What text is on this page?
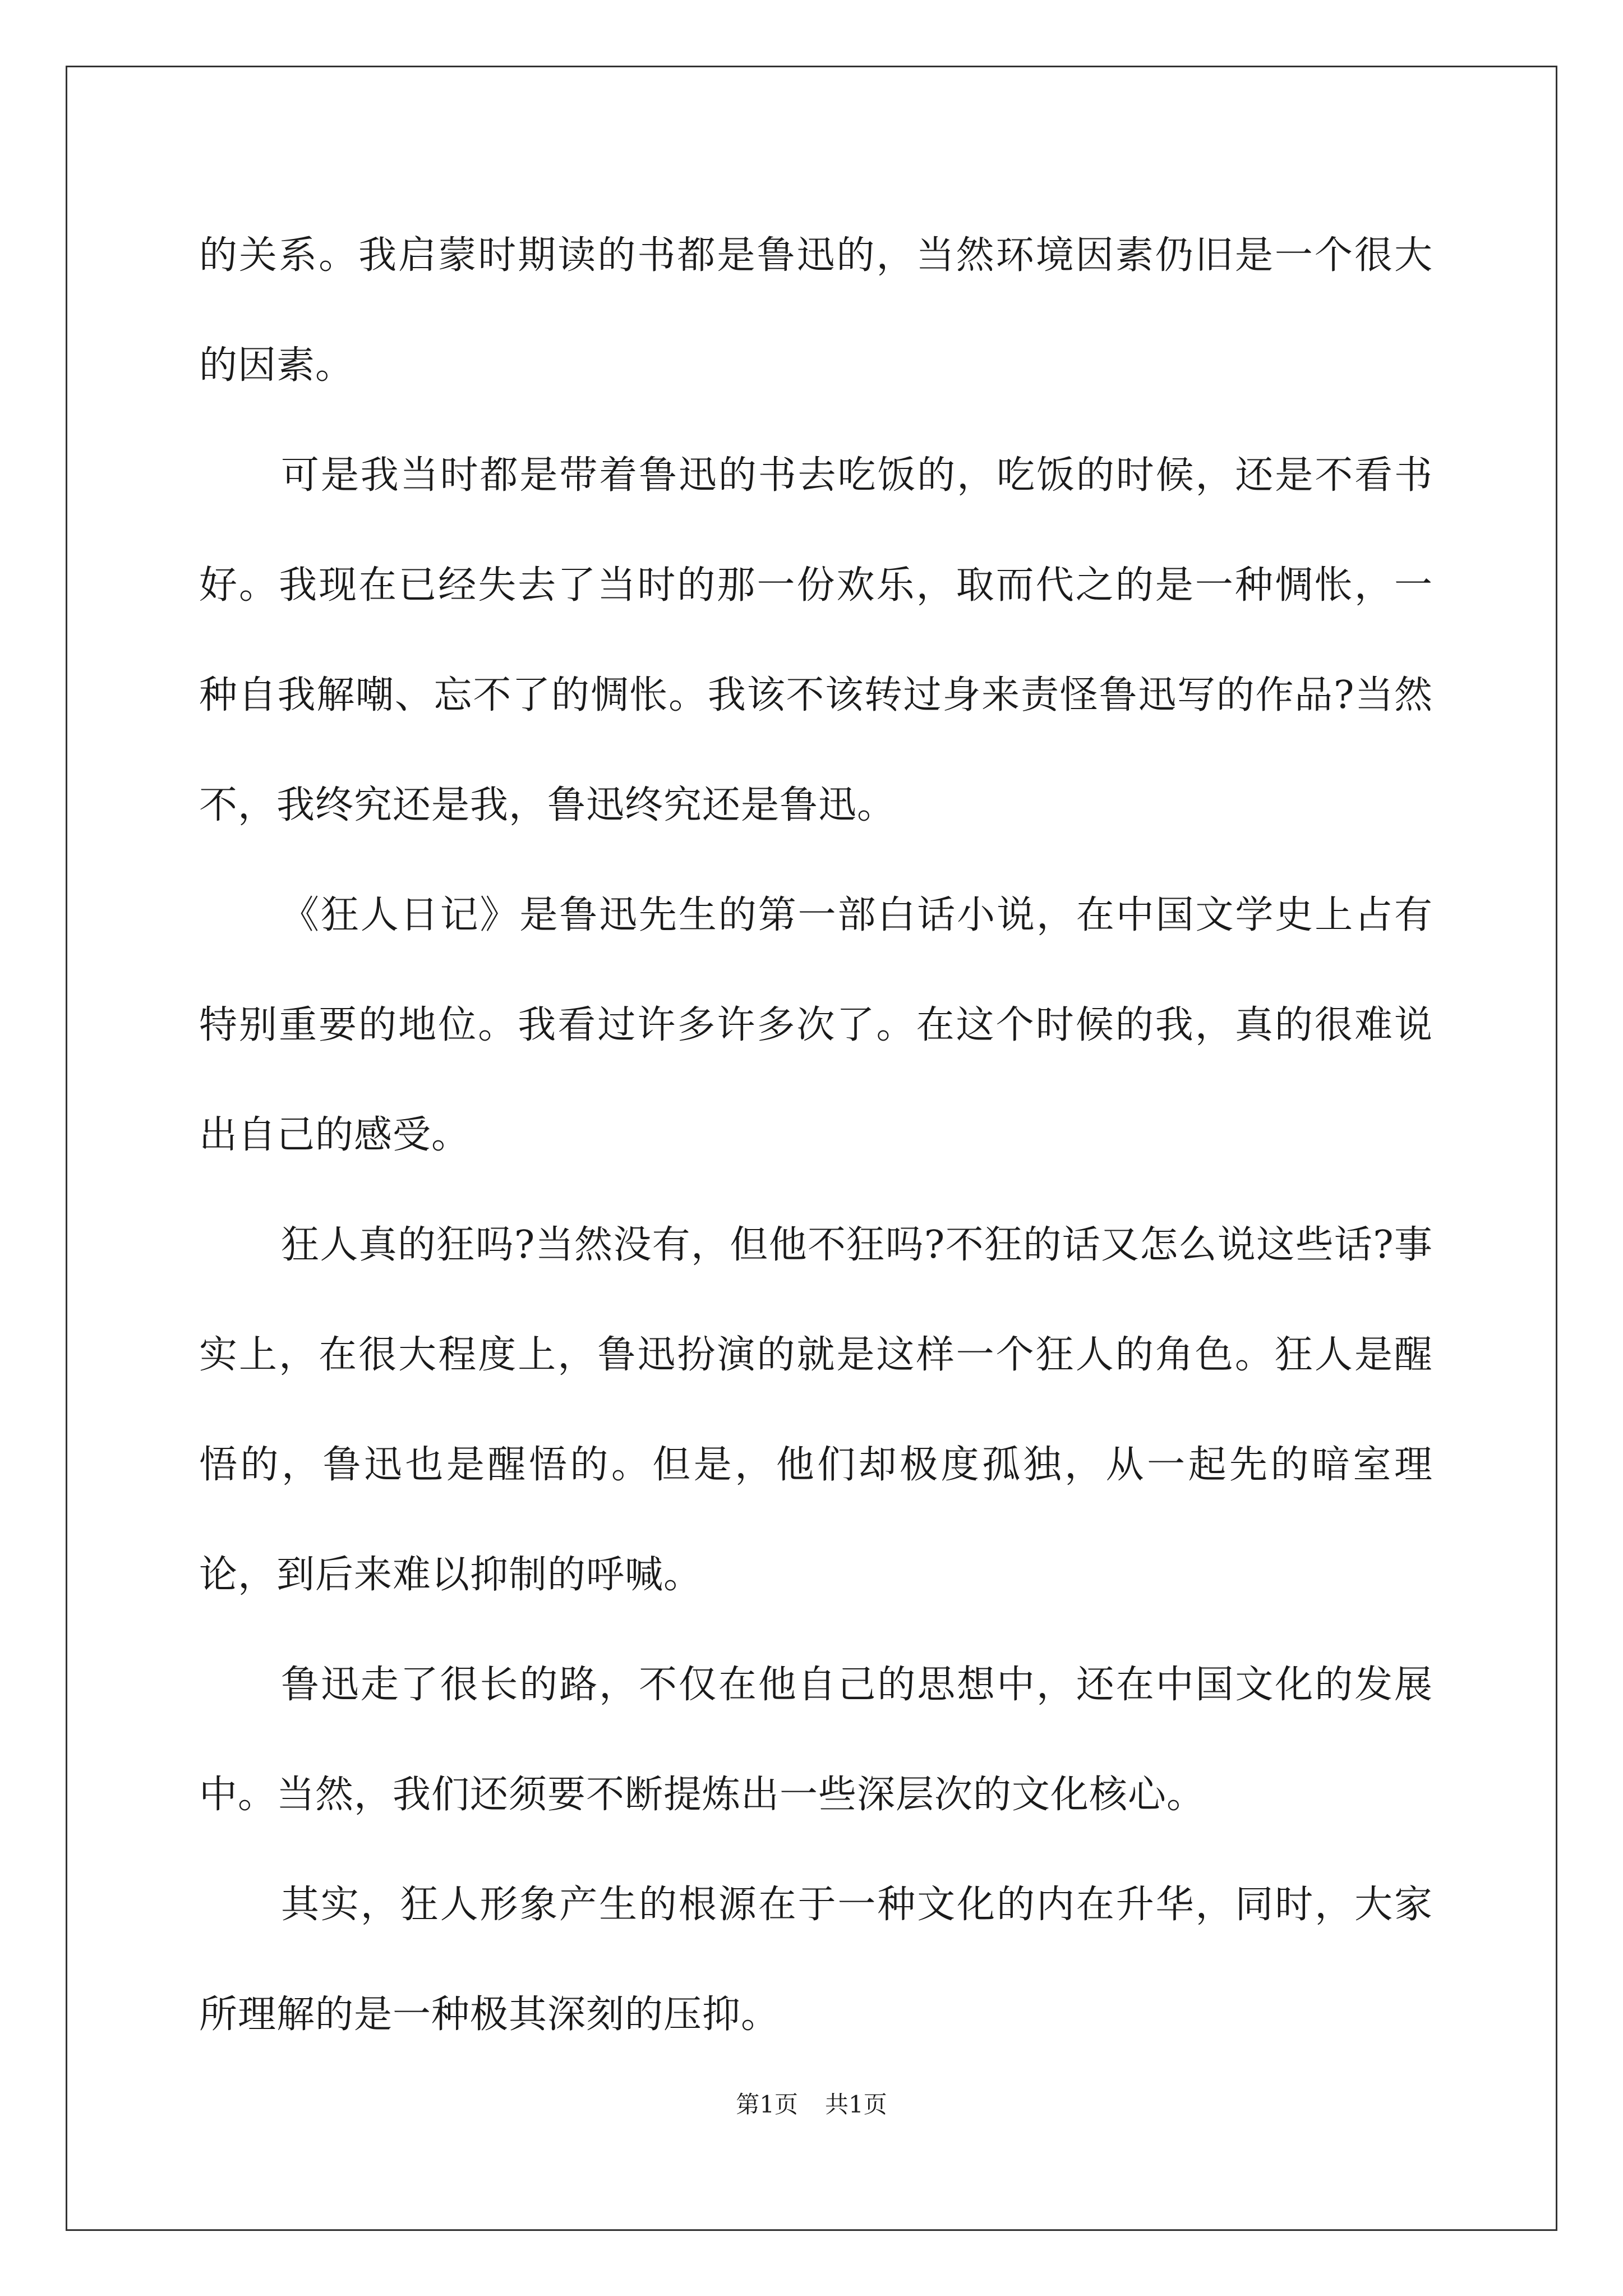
的关系。我启蒙时期读的书都是鲁迅的，当然环境因素仍旧是一个很大的因素。

可是我当时都是带着鲁迅的书去吃饭的，吃饭的时候，还是不看书好。我现在已经失去了当时的那一份欢乐，取而代之的是一种惆怅，一种自我解嘲、忘不了的惆怅。我该不该转过身来责怪鲁迅写的作品?当然不，我终究还是我，鲁迅终究还是鲁迅。

《狂人日记》是鲁迅先生的第一部白话小说，在中国文学史上占有特别重要的地位。我看过许多许多次了。在这个时候的我，真的很难说出自己的感受。

狂人真的狂吗?当然没有，但他不狂吗?不狂的话又怎么说这些话?事实上，在很大程度上，鲁迅扮演的就是这样一个狂人的角色。狂人是醒悟的，鲁迅也是醒悟的。但是，他们却极度孤独，从一起先的暗室理论，到后来难以抑制的呼喊。

鲁迅走了很长的路，不仅在他自己的思想中，还在中国文化的发展中。当然，我们还须要不断提炼出一些深层次的文化核心。

其实，狂人形象产生的根源在于一种文化的内在升华，同时，大家所理解的是一种极其深刻的压抑。

第1页 共1页
